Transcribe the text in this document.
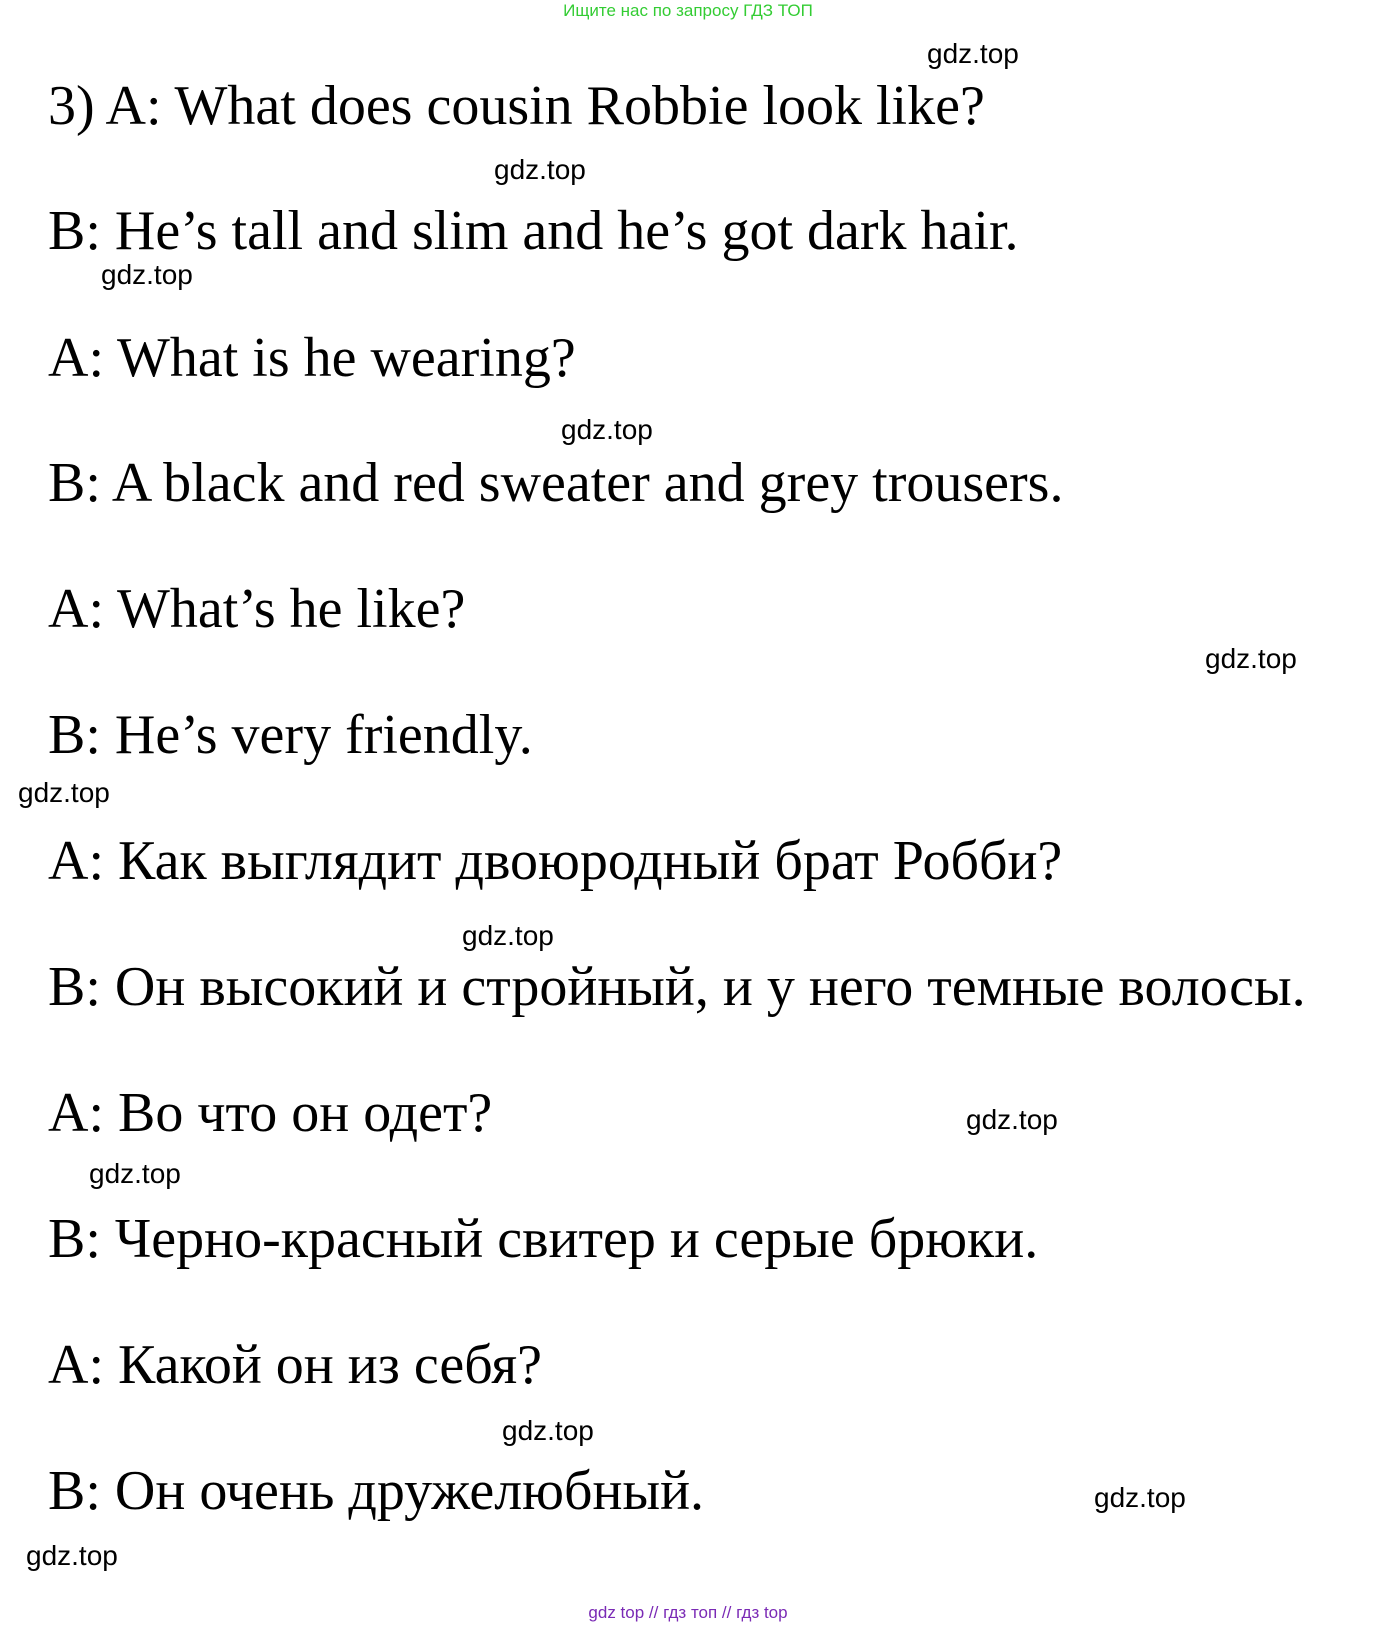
Ищите нас по запросу ГДЗ ТОП
3) A: What does cousin Robbie look like?
B: He’s tall and slim and he’s got dark hair.
A: What is he wearing?
B: A black and red sweater and grey trousers.
A: What’s he like?
B: He’s very friendly.
A: Как выглядит двоюродный брат Робби?
B: Он высокий и стройный, и у него темные волосы.
A: Во что он одет?
B: Черно-красный свитер и серые брюки.
A: Какой он из себя?
B: Он очень дружелюбный.
gdz.top
gdz.top
gdz.top
gdz.top
gdz.top
gdz.top
gdz.top
gdz.top
gdz.top
gdz.top
gdz.top
gdz.top
gdz top // гдз топ // гдз top
